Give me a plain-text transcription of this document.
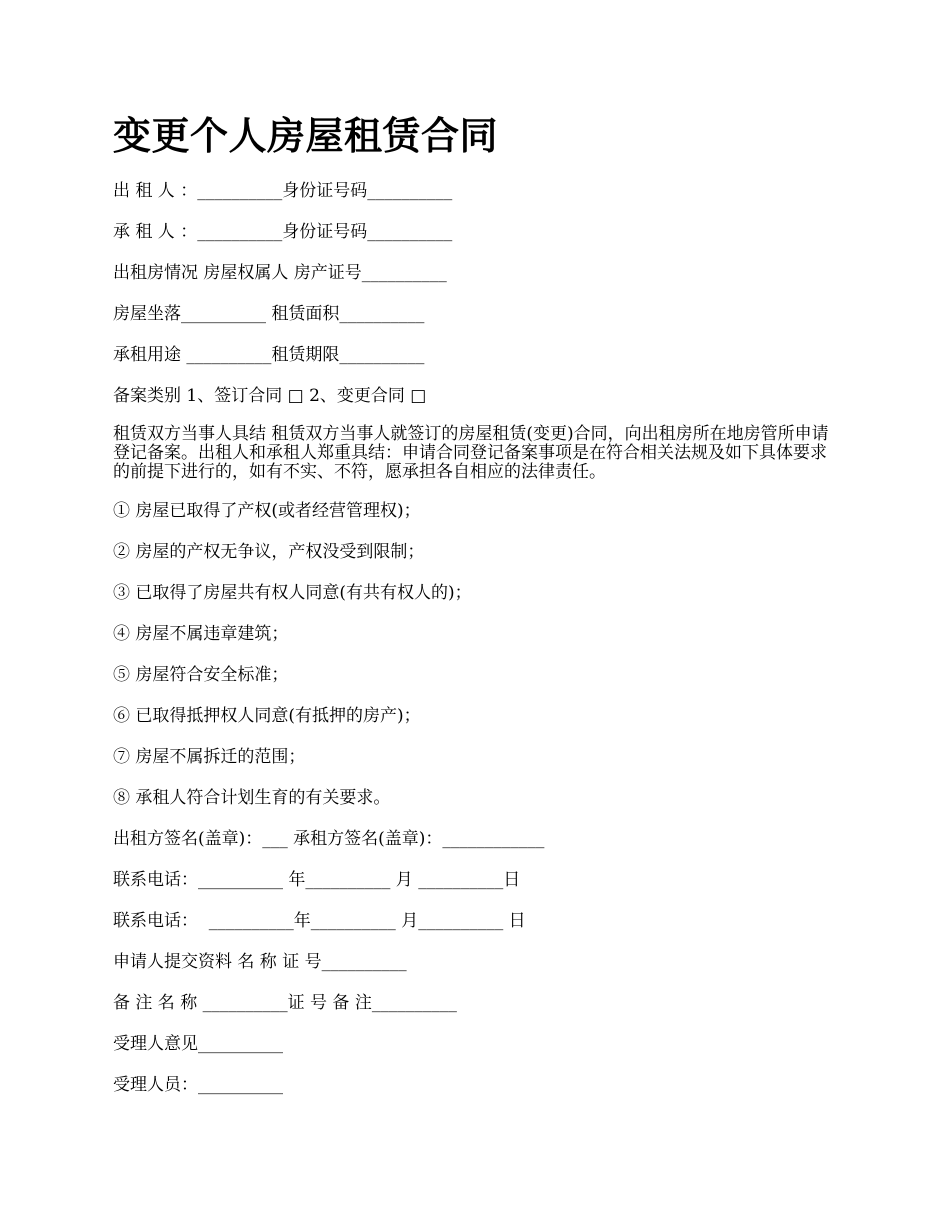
变更个人房屋租赁合同
出 租 人 ：__________身份证号码__________
承 租 人 ：__________身份证号码__________
出租房情况 房屋权属人 房产证号__________
房屋坐落__________ 租赁面积__________
承租用途 __________租赁期限__________
备案类别 1、签订合同 □ 2、变更合同 □
租赁双方当事人具结 租赁双方当事人就签订的房屋租赁(变更)合同，向出租房所在地房管所申请登记备案。出租人和承租人郑重具结：申请合同登记备案事项是在符合相关法规及如下具体要求的前提下进行的，如有不实、不符，愿承担各自相应的法律责任。
① 房屋已取得了产权(或者经营管理权)；
② 房屋的产权无争议，产权没受到限制；
③ 已取得了房屋共有权人同意(有共有权人的)；
④ 房屋不属违章建筑；
⑤ 房屋符合安全标准；
⑥ 已取得抵押权人同意(有抵押的房产)；
⑦ 房屋不属拆迁的范围；
⑧ 承租人符合计划生育的有关要求。
出租方签名(盖章)：___ 承租方签名(盖章)：____________
联系电话：__________ 年__________ 月 __________日
联系电话：  __________年__________ 月__________ 日
申请人提交资料 名 称 证 号__________
备 注 名 称 __________证 号 备 注__________
受理人意见__________
受理人员：__________
